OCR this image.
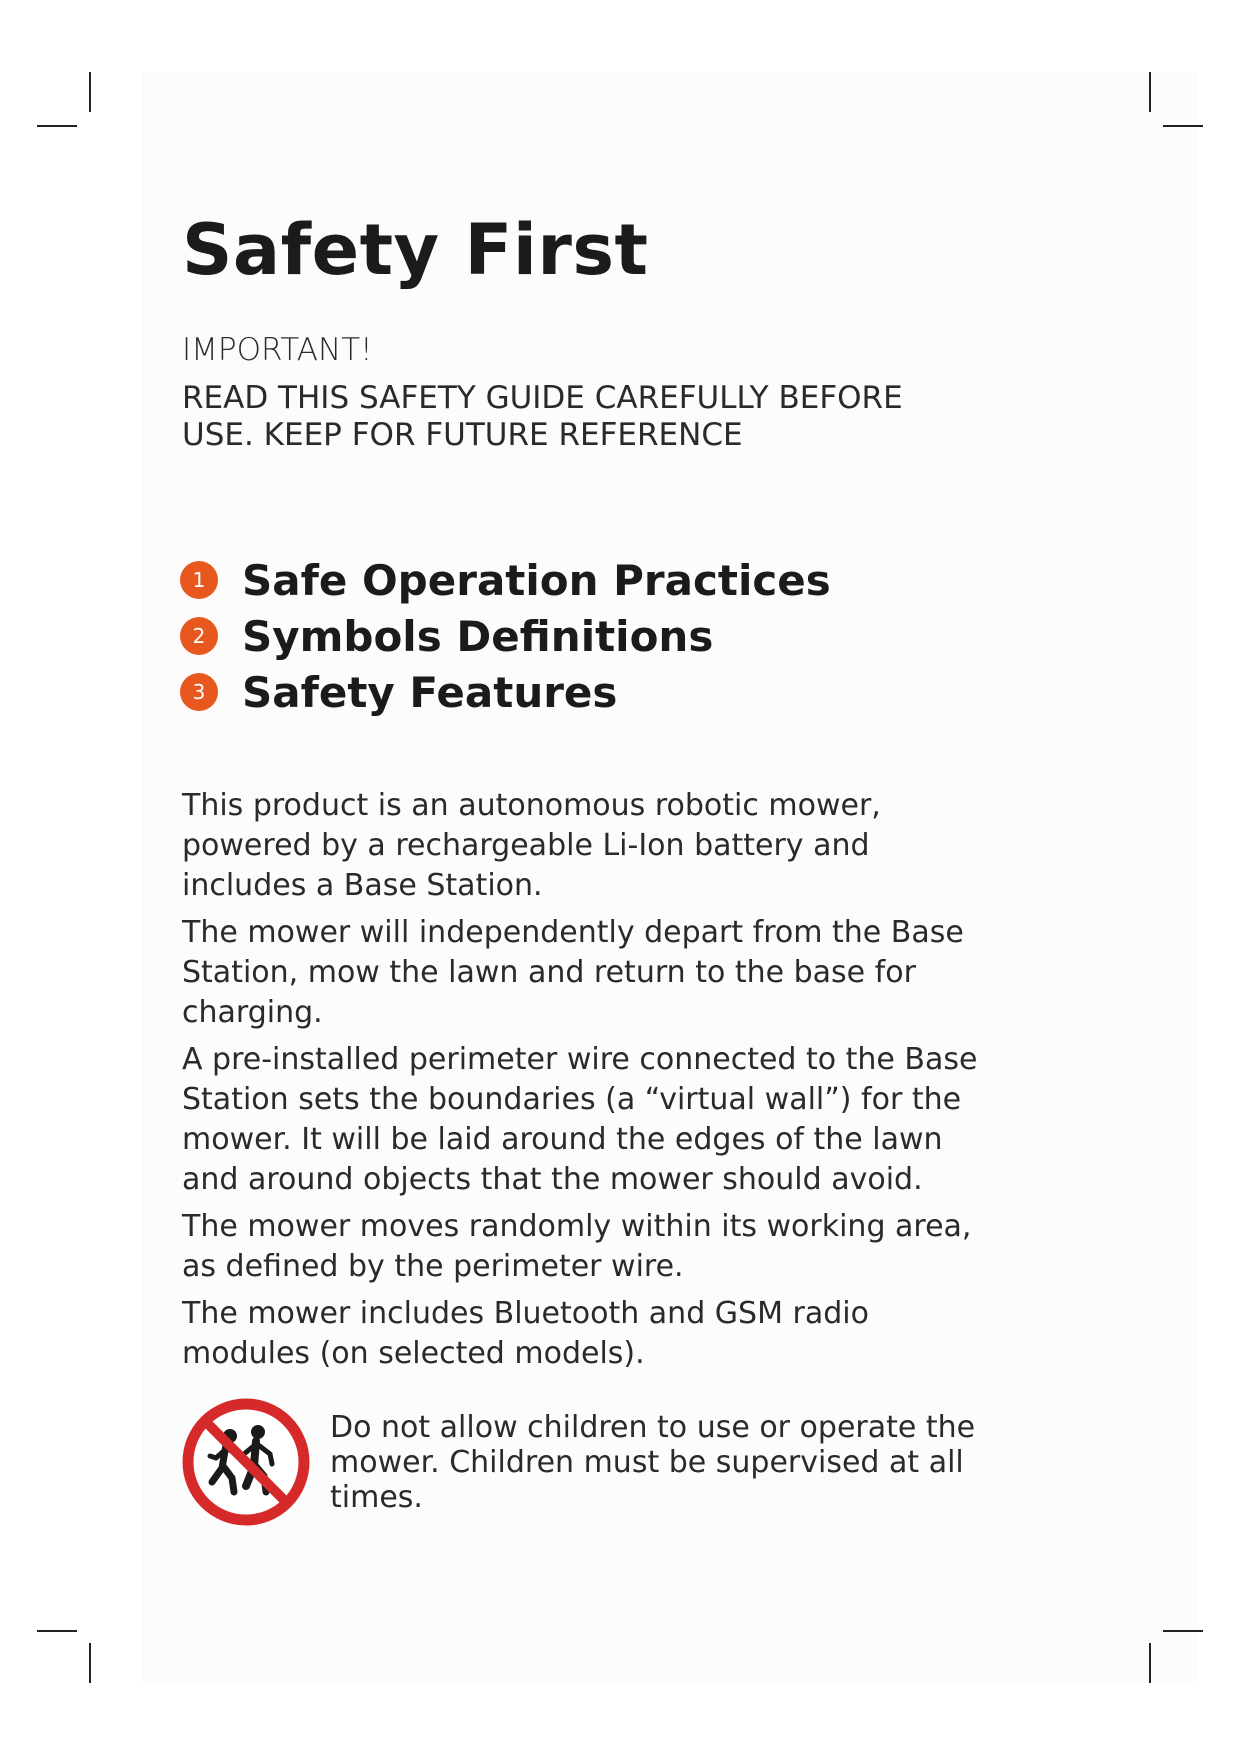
Safety First

IMPORTANT!

READ THIS SAFETY GUIDE CAREFULLY BEFORE
USE. KEEP FOR FUTURE REFERENCE

1 Safe Operation Practices
2 Symbols Definitions
3 Safety Features

This product is an autonomous robotic mower,
powered by a rechargeable Li-Ion battery and
includes a Base Station.

The mower will independently depart from the Base
Station, mow the lawn and return to the base for
charging.

A pre-installed perimeter wire connected to the Base
Station sets the boundaries (a “virtual wall”) for the
mower. It will be laid around the edges of the lawn
and around objects that the mower should avoid.

The mower moves randomly within its working area,
as defined by the perimeter wire.

The mower includes Bluetooth and GSM radio
modules (on selected models).

777 129 602

Do not allow children to use or operate the
mower. Children must be supervised at all
times.
